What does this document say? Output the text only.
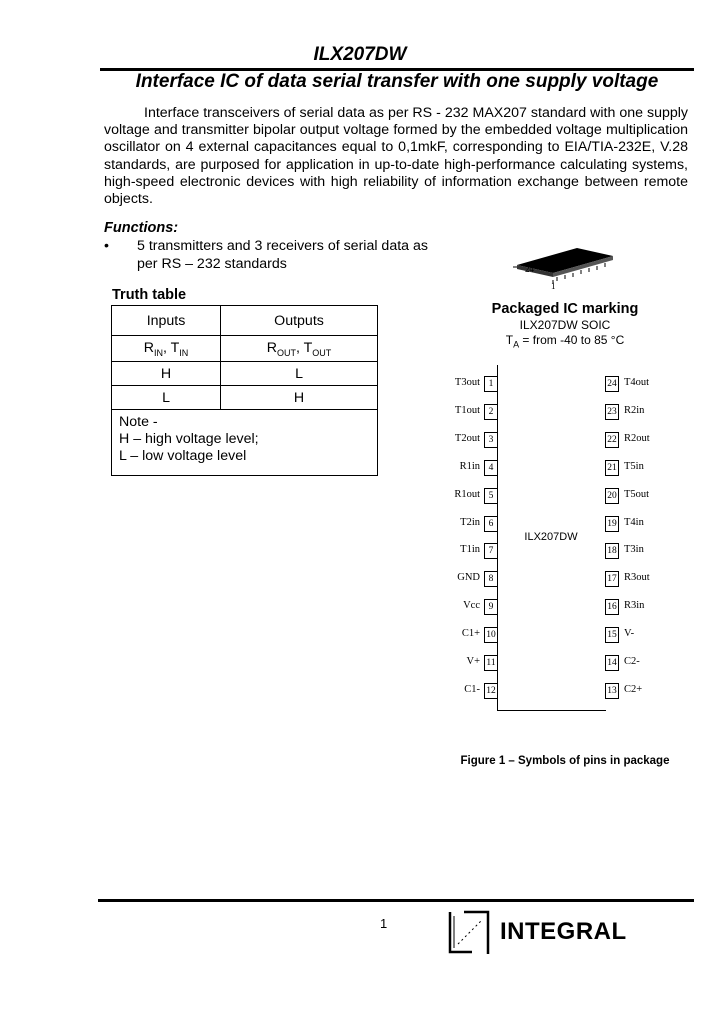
ILX207DW
Interface IC of data serial transfer with one supply voltage
Interface transceivers of serial data as per RS - 232 MAX207 standard with one supply voltage and transmitter bipolar output voltage formed by the embedded voltage multiplication oscillator on 4 external capacitances equal to 0,1mkF, corresponding to EIA/TIA-232E, V.28 standards, are purposed for application in up-to-date high-performance calculating systems, high-speed electronic devices with high reliability of information exchange between remote objects.
Functions:
• 5 transmitters and 3 receivers of serial data as per RS – 232 standards
Truth table
Inputs	Outputs
$R_{IN}$, $T_{IN}$	$R_{OUT}$, $T_{OUT}$
H	L
L	H

Note -
H – high voltage level;
L – low voltage level	
24
1
Packaged IC marking
ILX207DW SOIC
$T_A$ = from -40 to 85 °C
ILX207DW
T3out 1
T1out 2
T2out 3
R1in 4
R1out 5
T2in 6
T1in 7
GND 8
Vcc 9
C1+ 10
V+ 11
C1- 12
24 T4out
23 R2in
22 R2out
21 T5in
20 T5out
19 T4in
18 T3in
17 R3out
16 R3in
15 V-
14 C2-
13 C2+
Figure 1 – Symbols of pins in package
1	INTEGRAL
